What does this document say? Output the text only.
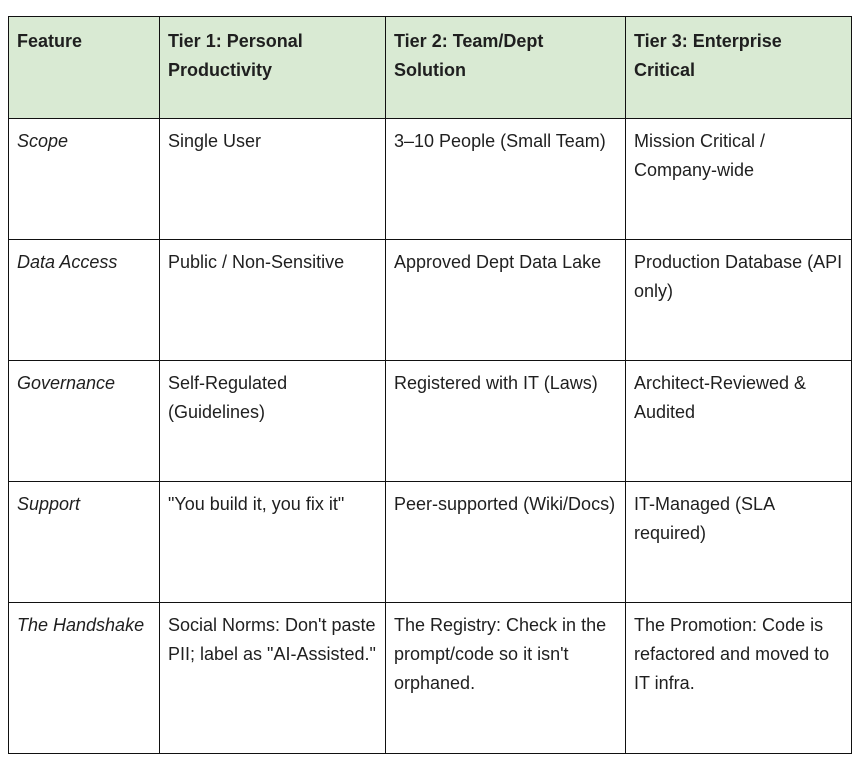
Feature	Tier 1: Personal Productivity	Tier 2: Team/Dept Solution	Tier 3: Enterprise Critical
Scope	Single User	3–10 People (Small Team)	Mission Critical / Company-wide
Data Access	Public / Non-Sensitive	Approved Dept Data Lake	Production Database (API only)
Governance	Self-Regulated (Guidelines)	Registered with IT (Laws)	Architect-Reviewed & Audited
Support	"You build it, you fix it"	Peer-supported (Wiki/Docs)	IT-Managed (SLA required)
The Handshake	Social Norms: Don't paste PII; label as "AI-Assisted."	The Registry: Check in the prompt/code so it isn't orphaned.	The Promotion: Code is refactored and moved to IT infra.
